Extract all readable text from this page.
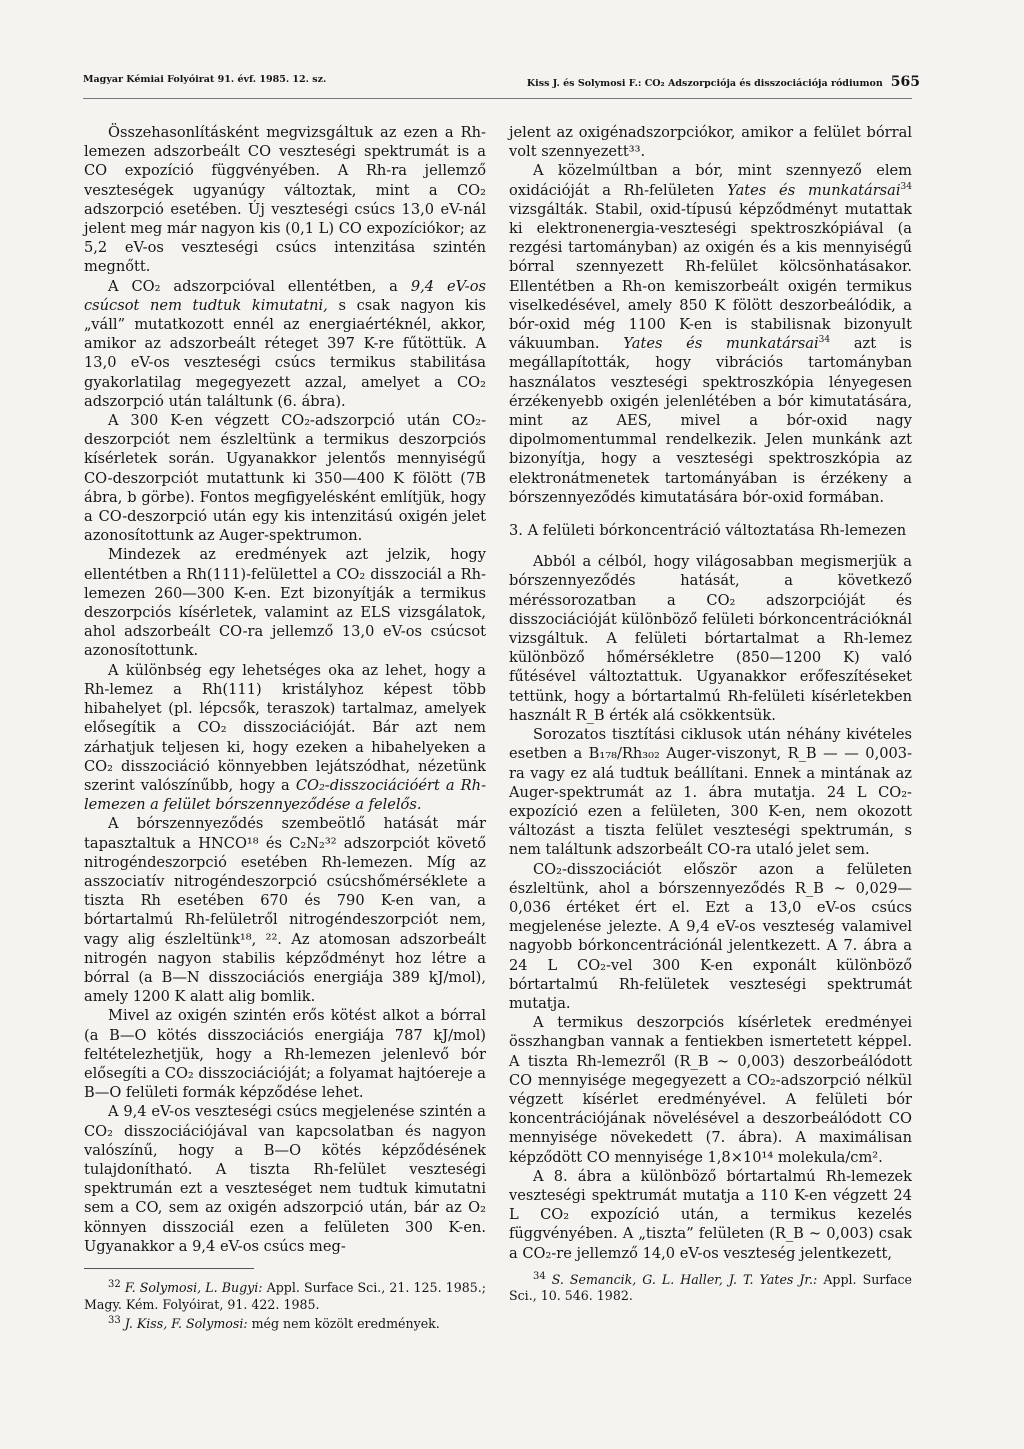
Magyar Kémiai Folyóirat 91. évf. 1985. 12. sz.	Kiss J. és Solymosi F.: CO₂ Adszorpciója és disszociációja ródiumon 565

Összehasonlításként megvizsgáltuk az ezen a Rh-lemezen adszorbeált CO veszteségi spektrumát is a CO expozíció függvényében. A Rh-ra jellemző veszteségek ugyanúgy változtak, mint a CO₂ adszorpció esetében. Új veszteségi csúcs 13,0 eV-nál jelent meg már nagyon kis (0,1 L) CO expozíciókor; az 5,2 eV-os veszteségi csúcs intenzitása szintén megnőtt.

A CO₂ adszorpcióval ellentétben, a 9,4 eV-os csúcsot nem tudtuk kimutatni, s csak nagyon kis „váll” mutatkozott ennél az energiaértéknél, akkor, amikor az adszorbeált réteget 397 K-re fűtöttük. A 13,0 eV-os veszteségi csúcs termikus stabilitása gyakorlatilag megegyezett azzal, amelyet a CO₂ adszorpció után találtunk (6. ábra).

A 300 K-en végzett CO₂-adszorpció után CO₂-deszorpciót nem észleltünk a termikus deszorpciós kísérletek során. Ugyanakkor jelentős mennyiségű CO-deszorpciót mutattunk ki 350—400 K fölött (7B ábra, b görbe). Fontos megfigyelésként említjük, hogy a CO-deszorpció után egy kis intenzitású oxigén jelet azonosítottunk az Auger-spektrumon.

Mindezek az eredmények azt jelzik, hogy ellentétben a Rh(111)-felülettel a CO₂ disszociál a Rh-lemezen 260—300 K-en. Ezt bizonyítják a termikus deszorpciós kísérletek, valamint az ELS vizsgálatok, ahol adszorbeált CO-ra jellemző 13,0 eV-os csúcsot azonosítottunk.

A különbség egy lehetséges oka az lehet, hogy a Rh-lemez a Rh(111) kristályhoz képest több hibahelyet (pl. lépcsők, teraszok) tartalmaz, amelyek elősegítik a CO₂ disszociációját. Bár azt nem zárhatjuk teljesen ki, hogy ezeken a hibahelyeken a CO₂ disszociáció könnyebben lejátszódhat, nézetünk szerint valószínűbb, hogy a CO₂-disszociációért a Rh-lemezen a felület bórszennyeződése a felelős.

A bórszennyeződés szembeötlő hatását már tapasztaltuk a HNCO¹⁸ és C₂N₂³² adszorpciót követő nitrogéndeszorpció esetében Rh-lemezen. Míg az asszociatív nitrogéndeszorpció csúcshőmérséklete a tiszta Rh esetében 670 és 790 K-en van, a bórtartalmú Rh-felületről nitrogéndeszorpciót nem, vagy alig észleltünk¹⁸, ²². Az atomosan adszorbeált nitrogén nagyon stabilis képződményt hoz létre a bórral (a B—N disszociációs energiája 389 kJ/mol), amely 1200 K alatt alig bomlik.

Mivel az oxigén szintén erős kötést alkot a bórral (a B—O kötés disszociációs energiája 787 kJ/mol) feltételezhetjük, hogy a Rh-lemezen jelenlevő bór elősegíti a CO₂ disszociációját; a folyamat hajtóereje a B—O felületi formák képződése lehet.

A 9,4 eV-os veszteségi csúcs megjelenése szintén a CO₂ disszociációjával van kapcsolatban és nagyon valószínű, hogy a B—O kötés képződésének tulajdonítható. A tiszta Rh-felület veszteségi spektrumán ezt a veszteséget nem tudtuk kimutatni sem a CO, sem az oxigén adszorpció után, bár az O₂ könnyen disszociál ezen a felületen 300 K-en. Ugyanakkor a 9,4 eV-os csúcs meg-

$^{32}$ F. Solymosi, L. Bugyi: Appl. Surface Sci., 21. 125. 1985.; Magy. Kém. Folyóirat, 91. 422. 1985.

$^{33}$ J. Kiss, F. Solymosi: még nem közölt eredmények.

jelent az oxigénadszorpciókor, amikor a felület bórral volt szennyezett³³.

A közelmúltban a bór, mint szennyező elem oxidációját a Rh-felületen Yates és munkatársai$^{34}$ vizsgálták. Stabil, oxid-típusú képződményt mutattak ki elektronenergia-veszteségi spektroszkópiával (a rezgési tartományban) az oxigén és a kis mennyiségű bórral szennyezett Rh-felület kölcsönhatásakor. Ellentétben a Rh-on kemiszorbeált oxigén termikus viselkedésével, amely 850 K fölött deszorbeálódik, a bór-oxid még 1100 K-en is stabilisnak bizonyult vákuumban. Yates és munkatársai$^{34}$ azt is megállapították, hogy vibrációs tartományban használatos veszteségi spektroszkópia lényegesen érzékenyebb oxigén jelenlétében a bór kimutatására, mint az AES, mivel a bór-oxid nagy dipolmomentummal rendelkezik. Jelen munkánk azt bizonyítja, hogy a veszteségi spektroszkópia az elektronátmenetek tartományában is érzékeny a bórszennyeződés kimutatására bór-oxid formában.

3. A felületi bórkoncentráció változtatása Rh-lemezen

Abból a célból, hogy világosabban megismerjük a bórszennyeződés hatását, a következő méréssorozatban a CO₂ adszorpcióját és disszociációját különböző felületi bórkoncentrációknál vizsgáltuk. A felületi bórtartalmat a Rh-lemez különböző hőmérsékletre (850—1200 K) való fűtésével változtattuk. Ugyanakkor erőfeszítéseket tettünk, hogy a bórtartalmú Rh-felületi kísérletekben használt R_B érték alá csökkentsük.

Sorozatos tisztítási ciklusok után néhány kivételes esetben a B₁₇₈/Rh₃₀₂ Auger-viszonyt, R_B — — 0,003-ra vagy ez alá tudtuk beállítani. Ennek a mintának az Auger-spektrumát az 1. ábra mutatja. 24 L CO₂-expozíció ezen a felületen, 300 K-en, nem okozott változást a tiszta felület veszteségi spektrumán, s nem találtunk adszorbeált CO-ra utaló jelet sem.

CO₂-disszociációt először azon a felületen észleltünk, ahol a bórszennyeződés R_B ~ 0,029—0,036 értéket ért el. Ezt a 13,0 eV-os csúcs megjelenése jelezte. A 9,4 eV-os veszteség valamivel nagyobb bórkoncentrációnál jelentkezett. A 7. ábra a 24 L CO₂-vel 300 K-en exponált különböző bórtartalmú Rh-felületek veszteségi spektrumát mutatja.

A termikus deszorpciós kísérletek eredményei összhangban vannak a fentiekben ismertetett képpel. A tiszta Rh-lemezről (R_B ~ 0,003) deszorbeálódott CO mennyisége megegyezett a CO₂-adszorpció nélkül végzett kísérlet eredményével. A felületi bór koncentrációjának növelésével a deszorbeálódott CO mennyisége növekedett (7. ábra). A maximálisan képződött CO mennyisége 1,8×10¹⁴ molekula/cm².

A 8. ábra a különböző bórtartalmú Rh-lemezek veszteségi spektrumát mutatja a 110 K-en végzett 24 L CO₂ expozíció után, a termikus kezelés függvényében. A „tiszta” felületen (R_B ~ 0,003) csak a CO₂-re jellemző 14,0 eV-os veszteség jelentkezett,

$^{34}$ S. Semancik, G. L. Haller, J. T. Yates Jr.: Appl. Surface Sci., 10. 546. 1982.
